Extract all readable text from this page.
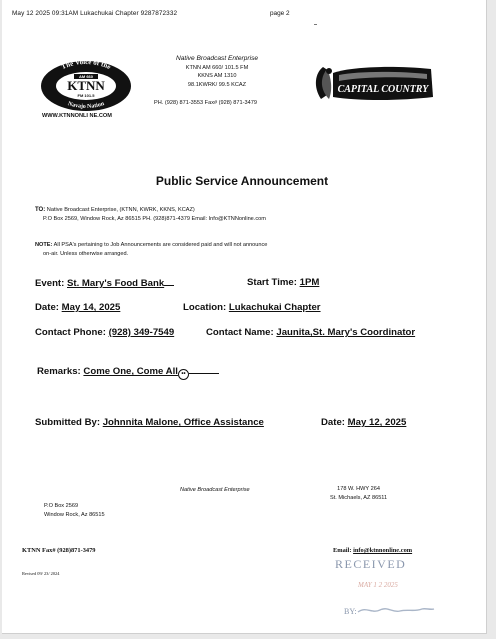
May 12 2025 09:31AM Lukachukai Chapter 9287872332	page 2
The Voice of the
Navajo Nation
AM 660
KTNN
FM 101.5
WWW.KTNNONLI NE.COM
Native Broadcast Enterprise
KTNN AM 660/ 101.5 FM
KKNS AM 1310
98.1KWRK/ 99.5 KCAZ
PH. (928) 871-3553 Fax# (928) 871-3479
CAPITAL COUNTRY
Public Service Announcement
TO: Native Broadcast Enterprise, (KTNN, KWRK, KKNS, KCAZ)
P.O Box 2569, Window Rock, Az 86515 PH. (928)871-4379 Email: Info@KTNNonline.com
NOTE: All PSA's pertaining to Job Announcements are considered paid and will not announce
on-air. Unless otherwise arranged.
Event: St. Mary's Food Bank	Start Time: 1PM
Date: May 14, 2025	Location: Lukachukai Chapter
Contact Phone: (928) 349-7549	Contact Name: Jaunita,St. Mary's Coordinator
Remarks: Come One, Come All ••
Submitted By: Johnnita Malone, Office Assistance	Date: May 12, 2025
Native Broadcast Enterprise
P.O Box 2569
Window Rock, Az 86515
178 W. HWY 264
St. Michaels, AZ 86511
KTNN Fax# (928)871-3479	Email: info@ktnnonline.com
Revised 09/ 23/ 2024
RECEIVED
MAY 1 2 2025
BY:
